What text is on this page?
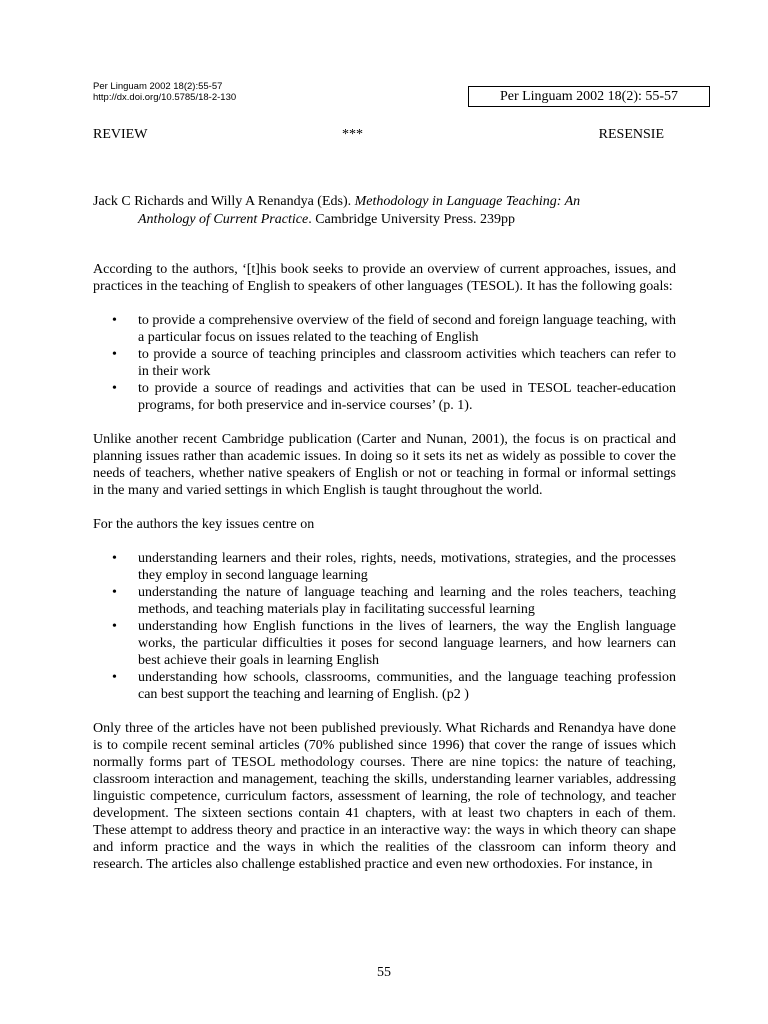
Per Linguam 2002 18(2):55-57
http://dx.doi.org/10.5785/18-2-130	Per Linguam 2002 18(2): 55-57
REVIEW	***	RESENSIE
Jack C Richards and Willy A Renandya (Eds). Methodology in Language Teaching: An
Anthology of Current Practice. Cambridge University Press. 239pp

According to the authors, ‘[t]his book seeks to provide an overview of current approaches, issues, and practices in the teaching of English to speakers of other languages (TESOL). It has the following goals:

• to provide a comprehensive overview of the field of second and foreign language teaching, with a particular focus on issues related to the teaching of English
• to provide a source of teaching principles and classroom activities which teachers can refer to in their work
• to provide a source of readings and activities that can be used in TESOL teacher-education programs, for both preservice and in-service courses’ (p. 1).

Unlike another recent Cambridge publication (Carter and Nunan, 2001), the focus is on practical and planning issues rather than academic issues. In doing so it sets its net as widely as possible to cover the needs of teachers, whether native speakers of English or not or teaching in formal or informal settings in the many and varied settings in which English is taught throughout the world.

For the authors the key issues centre on

• understanding learners and their roles, rights, needs, motivations, strategies, and the processes they employ in second language learning
• understanding the nature of language teaching and learning and the roles teachers, teaching methods, and teaching materials play in facilitating successful learning
• understanding how English functions in the lives of learners, the way the English language works, the particular difficulties it poses for second language learners, and how learners can best achieve their goals in learning English
• understanding how schools, classrooms, communities, and the language teaching profession can best support the teaching and learning of English. (p2 )

Only three of the articles have not been published previously. What Richards and Renandya have done is to compile recent seminal articles (70% published since 1996) that cover the range of issues which normally forms part of TESOL methodology courses. There are nine topics: the nature of teaching, classroom interaction and management, teaching the skills, understanding learner variables, addressing linguistic competence, curriculum factors, assessment of learning, the role of technology, and teacher development. The sixteen sections contain 41 chapters, with at least two chapters in each of them. These attempt to address theory and practice in an interactive way: the ways in which theory can shape and inform practice and the ways in which the realities of the classroom can inform theory and research. The articles also challenge established practice and even new orthodoxies. For instance, in

55
